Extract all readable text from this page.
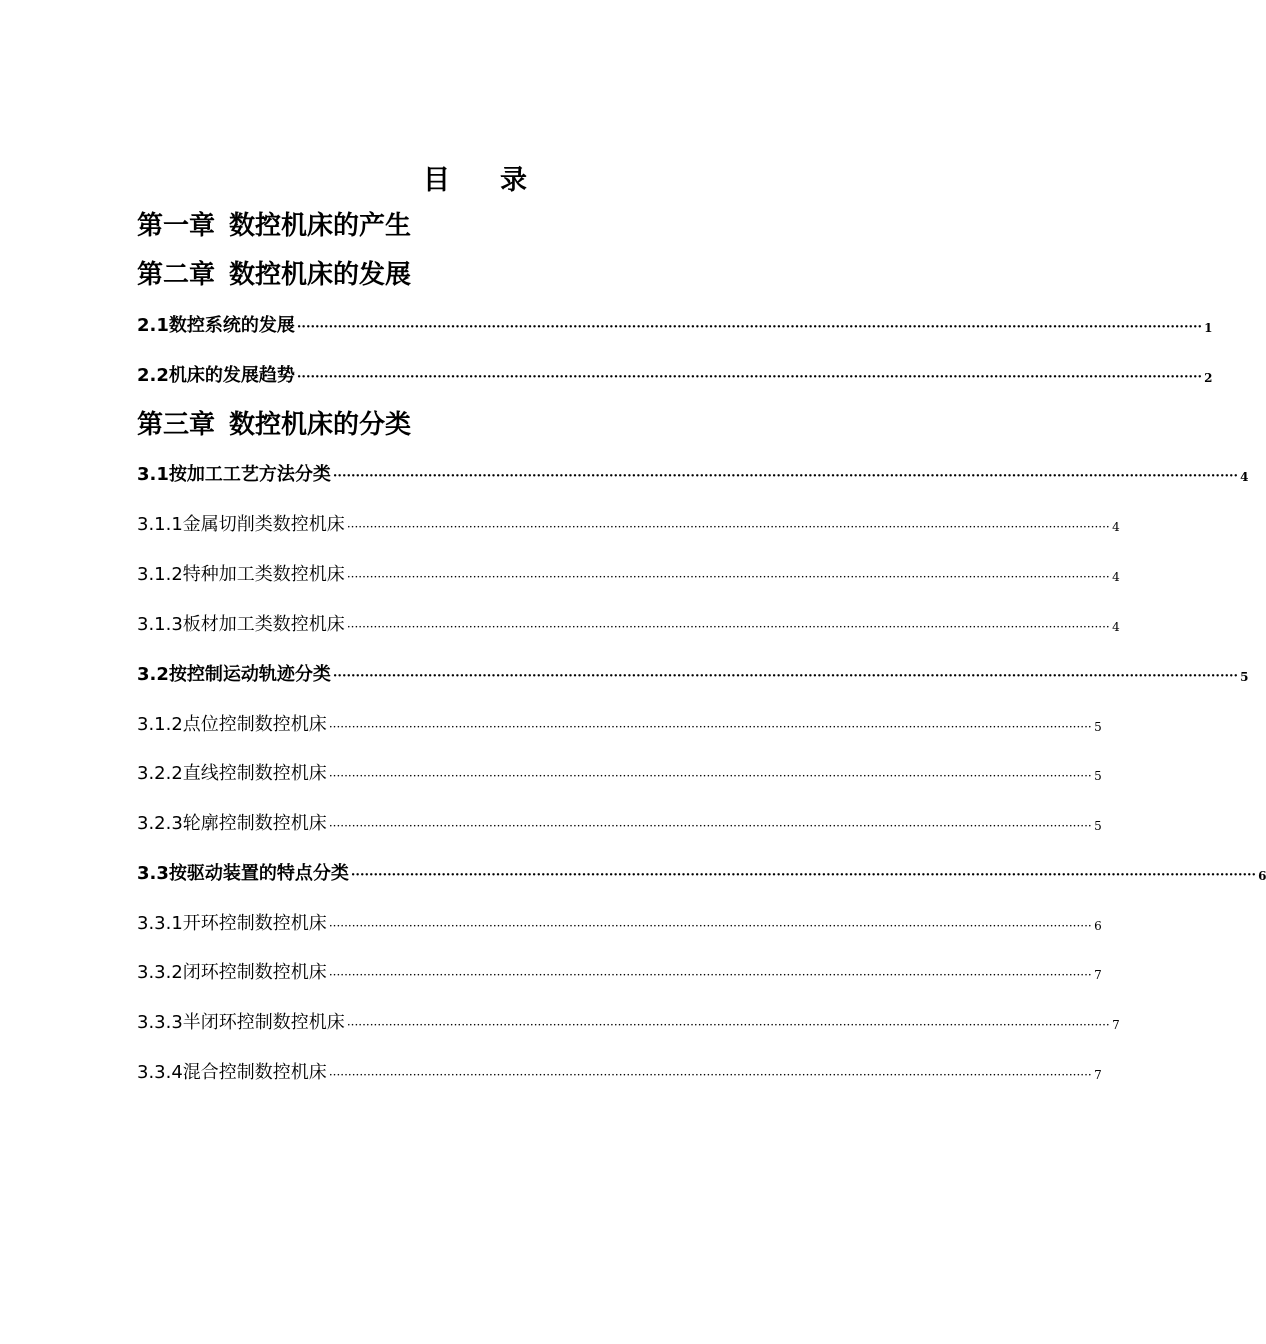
目 录
第一章 数控机床的产生
第二章 数控机床的发展
2.1数控系统的发展 ········································································································································································································ 1
2.2机床的发展趋势 ········································································································································································································ 2
第三章 数控机床的分类
3.1按加工工艺方法分类 ········································································································································································································ 4
3.1.1金属切削类数控机床 ········································································································································································································ 4
3.1.2特种加工类数控机床 ········································································································································································································ 4
3.1.3板材加工类数控机床 ········································································································································································································ 4
3.2按控制运动轨迹分类 ········································································································································································································ 5
3.1.2点位控制数控机床 ········································································································································································································ 5
3.2.2直线控制数控机床 ········································································································································································································ 5
3.2.3轮廓控制数控机床 ········································································································································································································ 5
3.3按驱动装置的特点分类 ········································································································································································································ 6
3.3.1开环控制数控机床 ········································································································································································································ 6
3.3.2闭环控制数控机床 ········································································································································································································ 7
3.3.3半闭环控制数控机床 ········································································································································································································ 7
3.3.4混合控制数控机床 ········································································································································································································ 7
